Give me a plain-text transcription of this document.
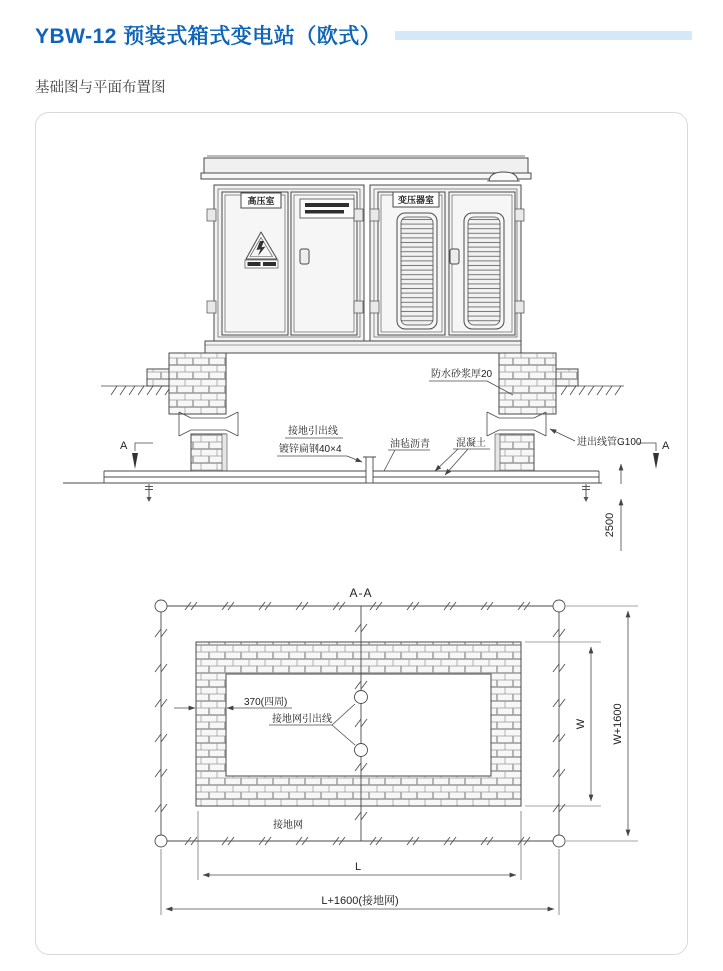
YBW-12 预装式箱式变电站（欧式）
基础图与平面布置图
高压室	变压器室
防水砂浆厚20
接地引出线
镀锌扁钢40×4	油毡沥青	混凝土	进出线管G100
A	A
2500
A-A
370(四周)
接地网引出线
接地网
W W+1600
L
L+1600(接地网)
